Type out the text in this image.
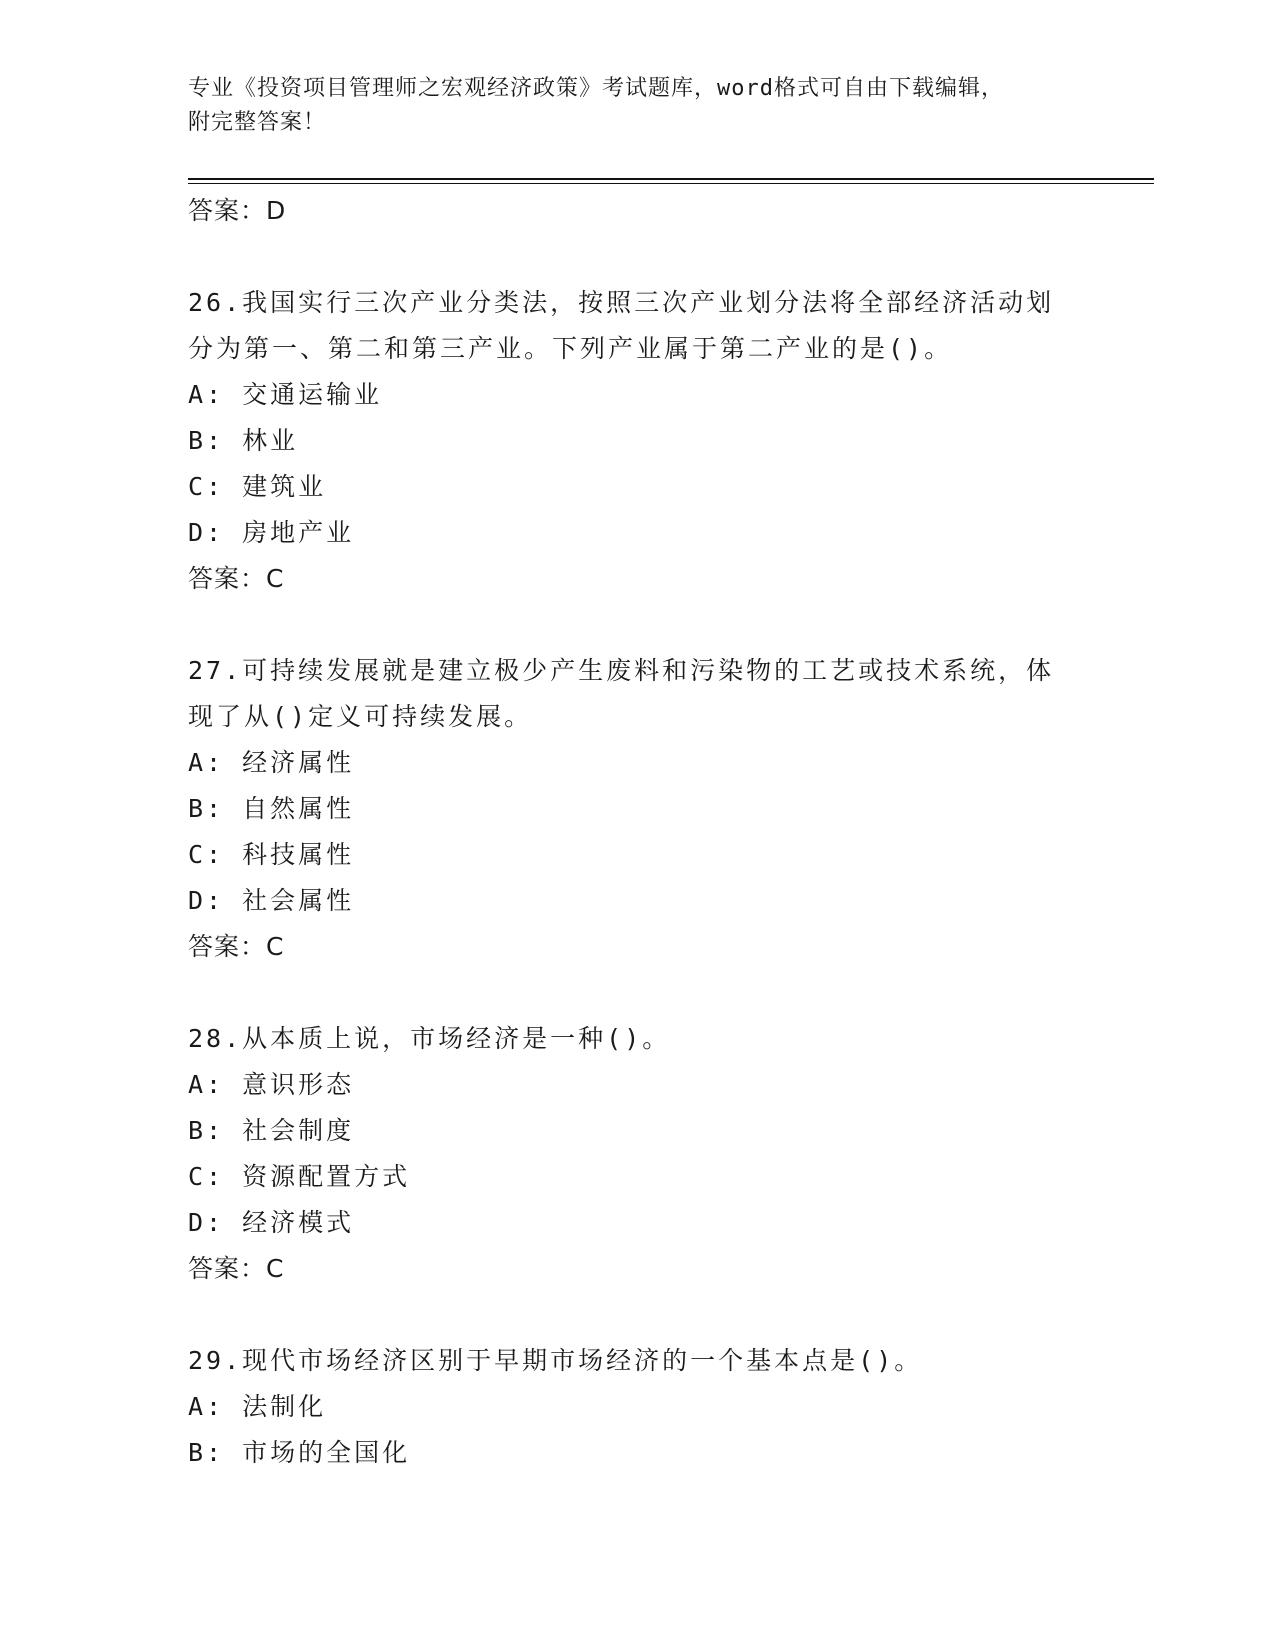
专业《投资项目管理师之宏观经济政策》考试题库，word格式可自由下载编辑，
附完整答案！
答案：D
26.我国实行三次产业分类法，按照三次产业划分法将全部经济活动划
分为第一、第二和第三产业。下列产业属于第二产业的是()。
A: 交通运输业
B: 林业
C: 建筑业
D: 房地产业
答案：C
27.可持续发展就是建立极少产生废料和污染物的工艺或技术系统，体
现了从()定义可持续发展。
A: 经济属性
B: 自然属性
C: 科技属性
D: 社会属性
答案：C
28.从本质上说，市场经济是一种()。
A: 意识形态
B: 社会制度
C: 资源配置方式
D: 经济模式
答案：C
29.现代市场经济区别于早期市场经济的一个基本点是()。
A: 法制化
B: 市场的全国化
